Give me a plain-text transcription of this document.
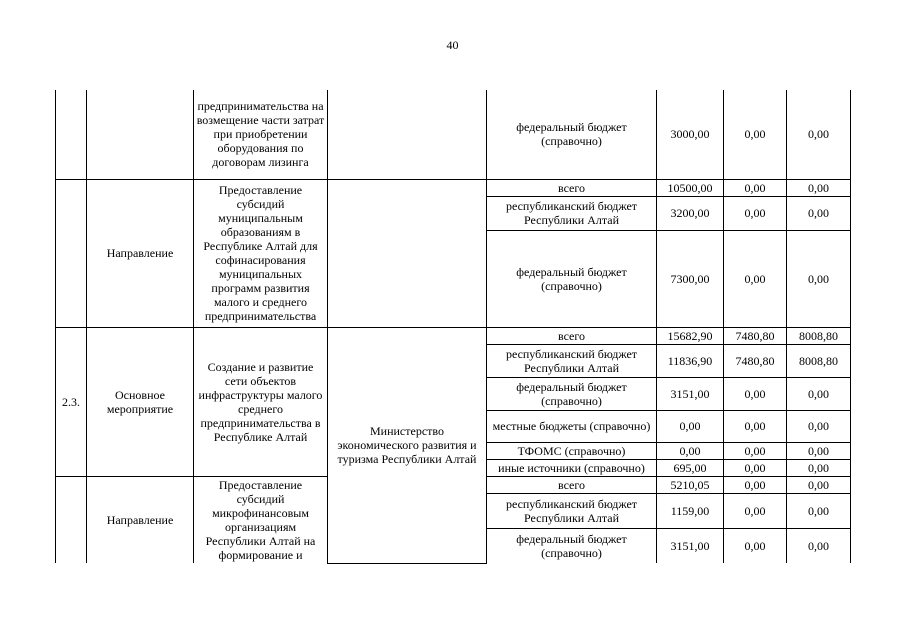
40
		предпринимательства на возмещение части затрат при приобретении оборудования по договорам лизинга		федеральный бюджет (справочно)	3000,00	0,00	0,00
	Направление	Предоставление субсидий муниципальным образованиям в Республике Алтай для софинасирования муниципальных программ развития малого и среднего предпринимательства		всего	10500,00	0,00	0,00
				республиканский бюджет Республики Алтай	3200,00	0,00	0,00
				федеральный бюджет (справочно)	7300,00	0,00	0,00
2.3.	Основное мероприятие	Создание и развитие сети объектов инфраструктуры малого среднего предпринимательства в Республике Алтай	Министерство экономического развития и туризма Республики Алтай	всего	15682,90	7480,80	8008,80
				республиканский бюджет Республики Алтай	11836,90	7480,80	8008,80
				федеральный бюджет (справочно)	3151,00	0,00	0,00
				местные бюджеты (справочно)	0,00	0,00	0,00
				ТФОМС (справочно)	0,00	0,00	0,00
				иные источники (справочно)	695,00	0,00	0,00
	Направление	Предоставление субсидий микрофинансовым организациям Республики Алтай на формирование и		всего	5210,05	0,00	0,00
				республиканский бюджет Республики Алтай	1159,00	0,00	0,00
				федеральный бюджет (справочно)	3151,00	0,00	0,00
